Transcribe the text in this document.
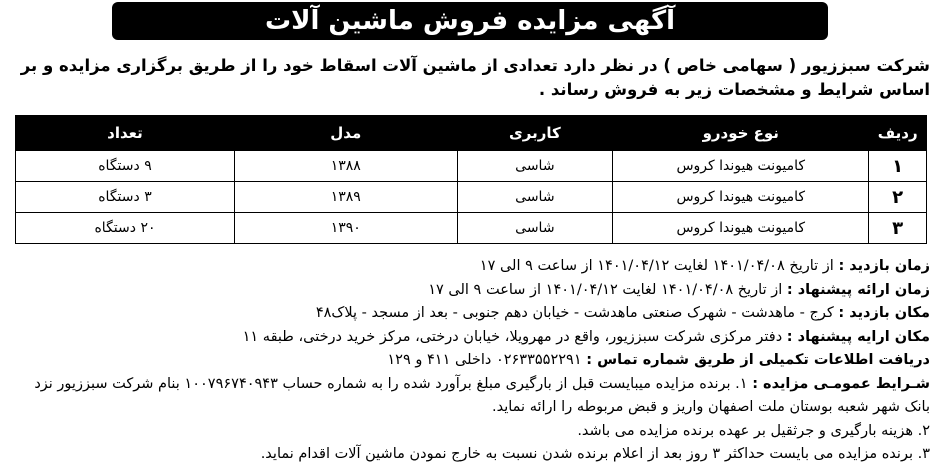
آگهی مزایده فروش ماشین آلات
شرکت سبززیور ( سهامی خاص ) در نظر دارد تعدادی از ماشین آلات اسقاط خود را از طریق برگزاری مزایده و بر اساس شرایط و مشخصات زیر به فروش رساند .
ردیف	نوع خودرو	کاربری	مدل	تعداد
۱	کامیونت هیوندا کروس	شاسی	۱۳۸۸	۹ دستگاه
۲	کامیونت هیوندا کروس	شاسی	۱۳۸۹	۳ دستگاه
۳	کامیونت هیوندا کروس	شاسی	۱۳۹۰	۲۰ دستگاه
زمان بازدید : از تاریخ ۱۴۰۱/۰۴/۰۸ لغایت ۱۴۰۱/۰۴/۱۲ از ساعت ۹ الی ۱۷
زمان ارائه پیشنهاد : از تاریخ ۱۴۰۱/۰۴/۰۸ لغایت ۱۴۰۱/۰۴/۱۲ از ساعت ۹ الی ۱۷
مکان بازدید : کرج - ماهدشت - شهرک صنعتی ماهدشت - خیابان دهم جنوبی - بعد از مسجد - پلاک۴۸
مکان ارایه پیشنهاد : دفتر مرکزی شرکت سبززیور، واقع در مهرویلا، خیابان درختی، مرکز خرید درختی، طبقه ۱۱
دریافت اطلاعات تکمیلی از طریق شماره تماس : ۰۲۶۳۳۵۵۲۲۹۱ داخلی ۴۱۱ و ۱۲۹
شـرایط عمومـی مزایده : ۱. برنده مزایده میبایست قبل از بارگیری مبلغ برآورد شده را به شماره حساب ۱۰۰۷۹۶۷۴۰۹۴۳ بنام شرکت سبززیور نزد بانک شهر شعبه بوستان ملت اصفهان واریز و قبض مربوطه را ارائه نماید.
۲. هزینه بارگیری و جرثقیل بر عهده برنده مزایده می باشد.
۳. برنده مزایده می بایست حداکثر ۳ روز بعد از اعلام برنده شدن نسبت به خارج نمودن ماشین آلات اقدام نماید.
